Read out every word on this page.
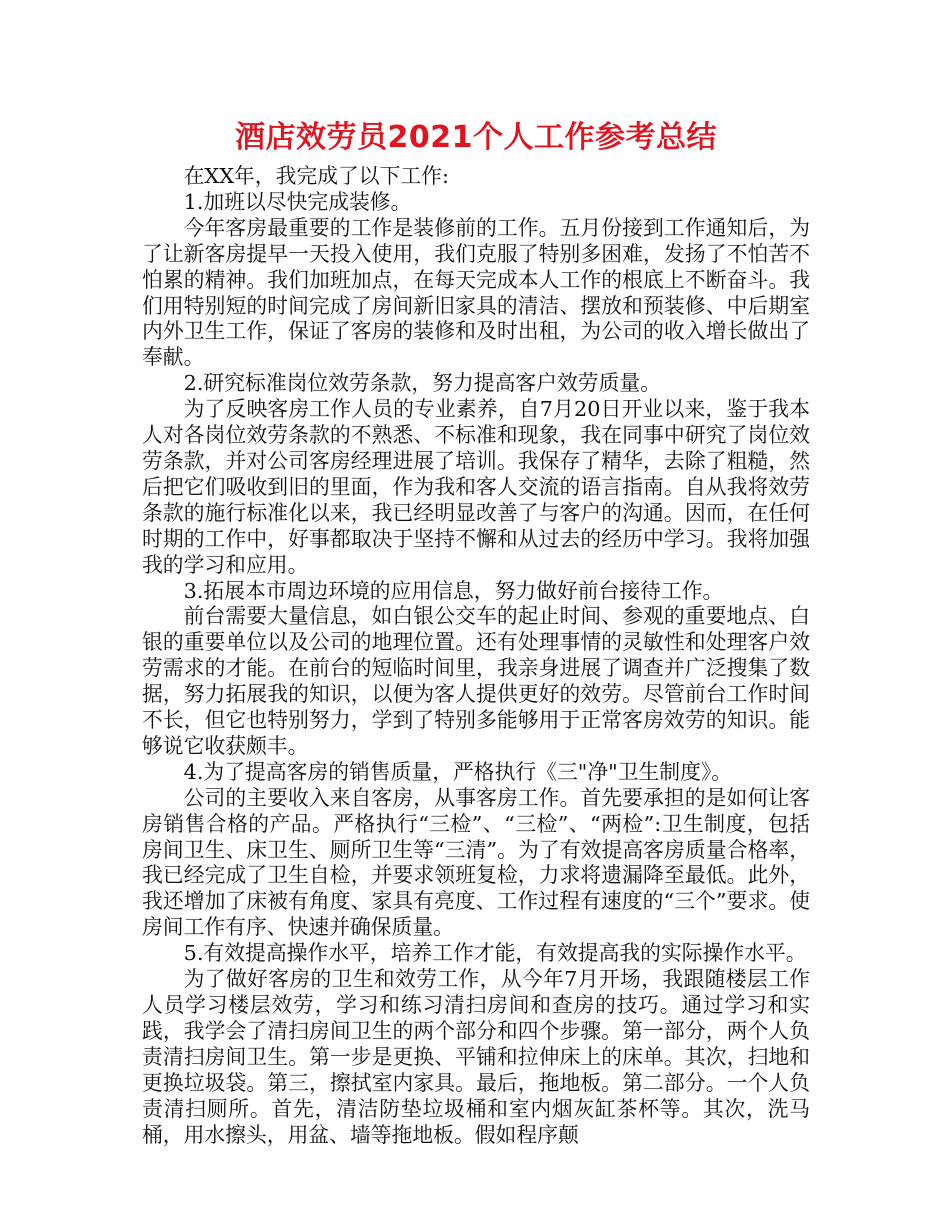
酒店效劳员2021个人工作参考总结

在XX年，我完成了以下工作:

1.加班以尽快完成装修。

今年客房最重要的工作是装修前的工作。五月份接到工作通知后，为了让新客房提早一天投入使用，我们克服了特别多困难，发扬了不怕苦不怕累的精神。我们加班加点，在每天完成本人工作的根底上不断奋斗。我们用特别短的时间完成了房间新旧家具的清洁、摆放和预装修、中后期室内外卫生工作，保证了客房的装修和及时出租，为公司的收入增长做出了奉献。

2.研究标准岗位效劳条款，努力提高客户效劳质量。

为了反映客房工作人员的专业素养，自7月20日开业以来，鉴于我本人对各岗位效劳条款的不熟悉、不标准和现象，我在同事中研究了岗位效劳条款，并对公司客房经理进展了培训。我保存了精华，去除了粗糙，然后把它们吸收到旧的里面，作为我和客人交流的语言指南。自从我将效劳条款的施行标准化以来，我已经明显改善了与客户的沟通。因而，在任何时期的工作中，好事都取决于坚持不懈和从过去的经历中学习。我将加强我的学习和应用。

3.拓展本市周边环境的应用信息，努力做好前台接待工作。

前台需要大量信息，如白银公交车的起止时间、参观的重要地点、白银的重要单位以及公司的地理位置。还有处理事情的灵敏性和处理客户效劳需求的才能。在前台的短临时间里，我亲身进展了调查并广泛搜集了数据，努力拓展我的知识，以便为客人提供更好的效劳。尽管前台工作时间不长，但它也特别努力，学到了特别多能够用于正常客房效劳的知识。能够说它收获颇丰。

4.为了提高客房的销售质量，严格执行《三"净"卫生制度》。

公司的主要收入来自客房，从事客房工作。首先要承担的是如何让客房销售合格的产品。严格执行“三检”、“三检”、“两检”:卫生制度，包括房间卫生、床卫生、厕所卫生等“三清”。为了有效提高客房质量合格率，我已经完成了卫生自检，并要求领班复检，力求将遗漏降至最低。此外，我还增加了床被有角度、家具有亮度、工作过程有速度的“三个”要求。使房间工作有序、快速并确保质量。

5.有效提高操作水平，培养工作才能，有效提高我的实际操作水平。

为了做好客房的卫生和效劳工作，从今年7月开场，我跟随楼层工作人员学习楼层效劳，学习和练习清扫房间和查房的技巧。通过学习和实践，我学会了清扫房间卫生的两个部分和四个步骤。第一部分，两个人负责清扫房间卫生。第一步是更换、平铺和拉伸床上的床单。其次，扫地和更换垃圾袋。第三，擦拭室内家具。最后，拖地板。第二部分。一个人负责清扫厕所。首先，清洁防垫垃圾桶和室内烟灰缸茶杯等。其次，洗马桶，用水擦头，用盆、墙等拖地板。假如程序颠
